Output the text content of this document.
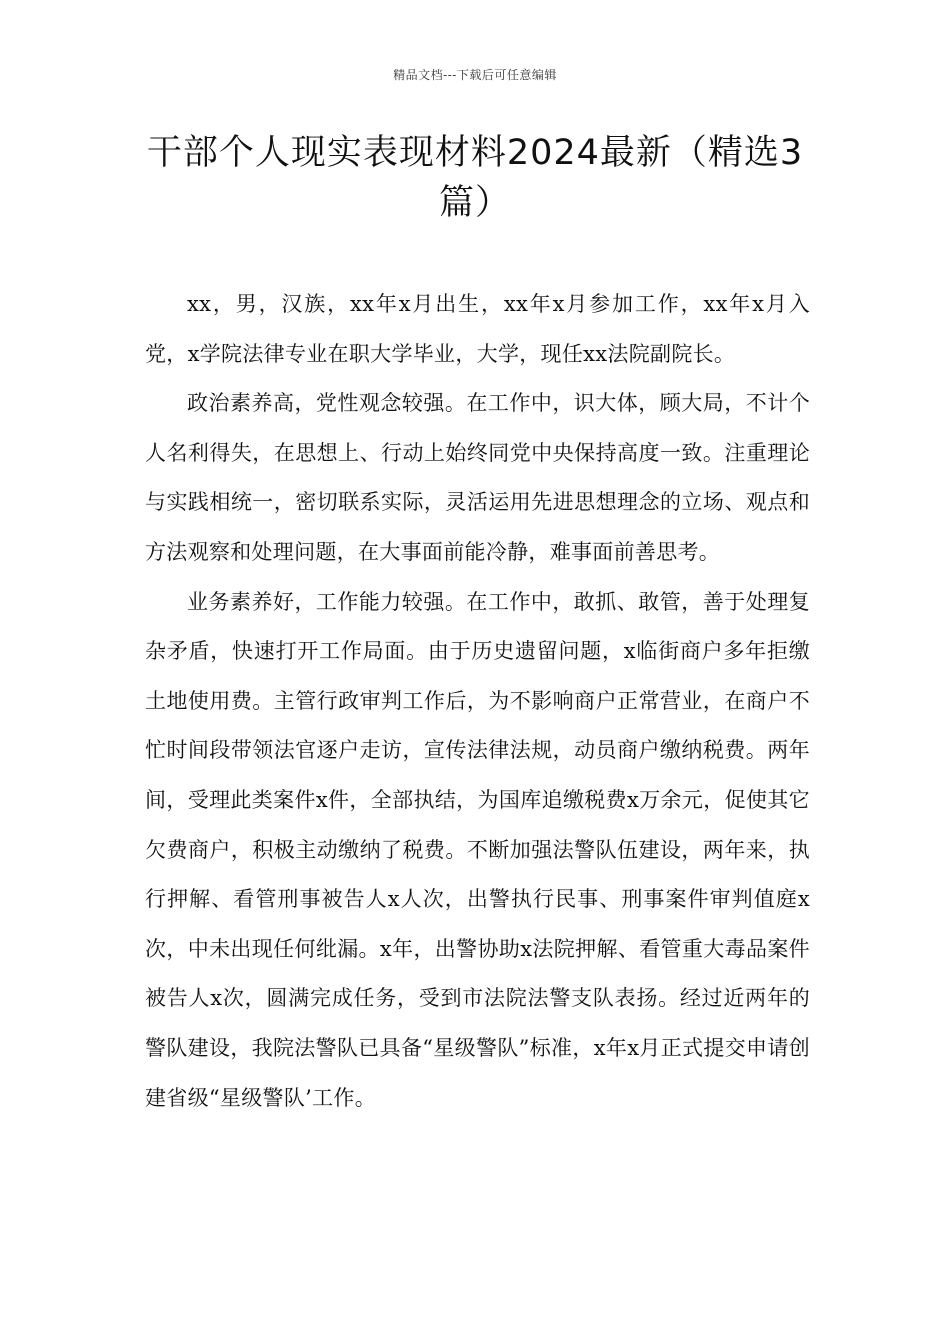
精品文档---下载后可任意编辑
干部个人现实表现材料2024最新（精选3篇）

xx，男，汉族，xx年x月出生，xx年x月参加工作，xx年x月入党，x学院法律专业在职大学毕业，大学，现任xx法院副院长。

政治素养高，党性观念较强。在工作中，识大体，顾大局，不计个人名利得失，在思想上、行动上始终同党中央保持高度一致。注重理论与实践相统一，密切联系实际，灵活运用先进思想理念的立场、观点和方法观察和处理问题，在大事面前能冷静，难事面前善思考。

业务素养好，工作能力较强。在工作中，敢抓、敢管，善于处理复杂矛盾，快速打开工作局面。由于历史遗留问题，x临街商户多年拒缴土地使用费。主管行政审判工作后，为不影响商户正常营业，在商户不忙时间段带领法官逐户走访，宣传法律法规，动员商户缴纳税费。两年间，受理此类案件x件，全部执结，为国库追缴税费x万余元，促使其它欠费商户，积极主动缴纳了税费。不断加强法警队伍建设，两年来，执行押解、看管刑事被告人x人次，出警执行民事、刑事案件审判值庭x次，中未出现任何纰漏。x年，出警协助x法院押解、看管重大毒品案件被告人x次，圆满完成任务，受到市法院法警支队表扬。经过近两年的警队建设，我院法警队已具备“星级警队”标准，x年x月正式提交申请创建省级“星级警队’工作。
